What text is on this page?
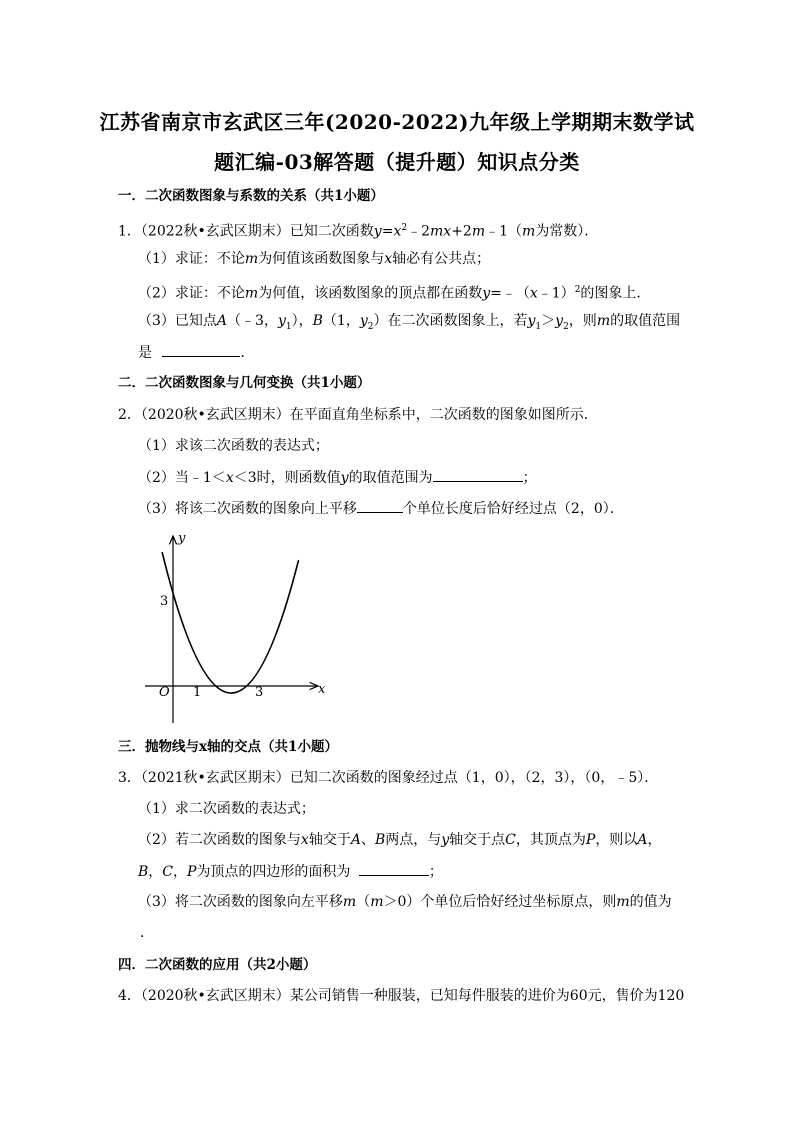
江苏省南京市玄武区三年(2020-2022)九年级上学期期末数学试
题汇编-03解答题（提升题）知识点分类
一．二次函数图象与系数的关系（共1小题）
1．（2022秋•玄武区期末）已知二次函数$y=x^2﹣2mx+2m﹣1(m$为常数）．
（1）求证：不论m为何值该函数图象与x轴必有公共点；
（2）求证：不论m为何值，该函数图象的顶点都在函数y=﹣（x﹣1）$^2$的图象上．
（3）已知点A（﹣3，$y_1$），B（1，$y_2$）在二次函数图象上，若$y_1>y_2$，则m的取值范围
是	．
二．二次函数图象与几何变换（共1小题）
2．（2020秋•玄武区期末）在平面直角坐标系中，二次函数的图象如图所示．
（1）求该二次函数的表达式；
（2）当﹣1＜x＜3时，则函数值y的取值范围为	；
（3）将该二次函数的图象向上平移	个单位长度后恰好经过点（2，0）．
y
x
O 1	3
3
三．抛物线与x轴的交点（共1小题）
3．（2021秋•玄武区期末）已知二次函数的图象经过点（1，0），（2，3），（0，﹣5）．
（1）求二次函数的表达式；
（2）若二次函数的图象与x轴交于A、B两点，与y轴交于点C，其顶点为P，则以A，
B，C，P为顶点的四边形的面积为	；
（3）将二次函数的图象向左平移m（m＞0）个单位后恰好经过坐标原点，则m的值为
．
四．二次函数的应用（共2小题）
4．（2020秋•玄武区期末）某公司销售一种服装，已知每件服装的进价为60元，售价为120
